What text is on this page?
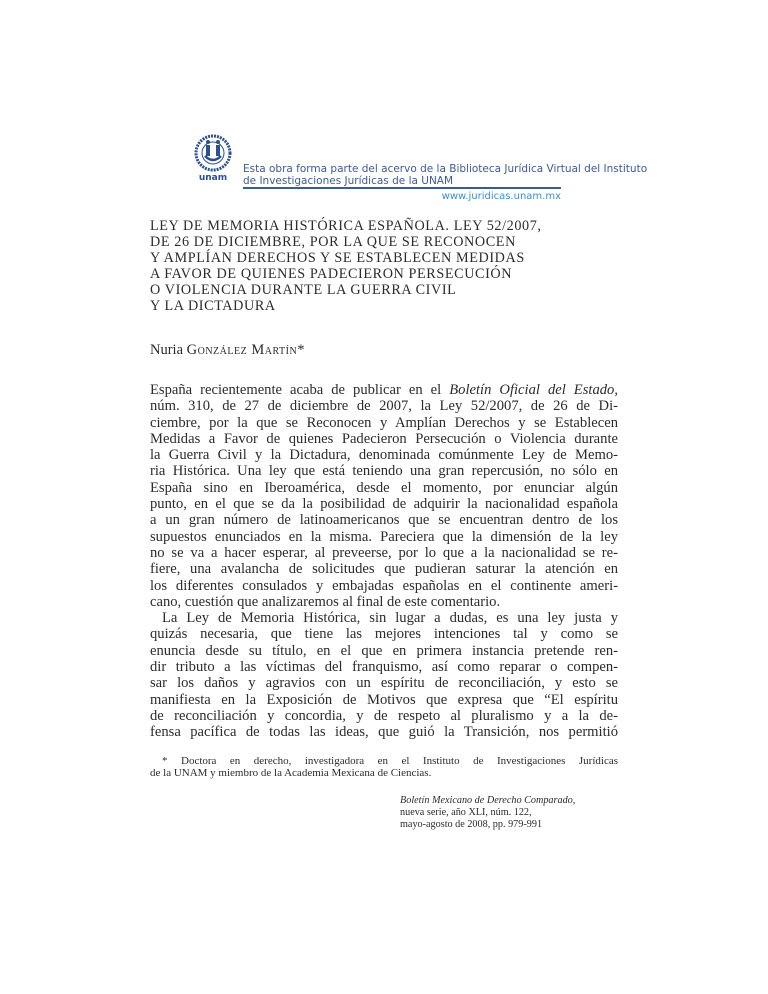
unam
Esta obra forma parte del acervo de la Biblioteca Jurídica Virtual del Instituto
de Investigaciones Jurídicas de la UNAM
www.juridicas.unam.mx
LEY DE MEMORIA HISTÓRICA ESPAÑOLA. LEY 52/2007,
DE 26 DE DICIEMBRE, POR LA QUE SE RECONOCEN
Y AMPLÍAN DERECHOS Y SE ESTABLECEN MEDIDAS
A FAVOR DE QUIENES PADECIERON PERSECUCIÓN
O VIOLENCIA DURANTE LA GUERRA CIVIL
Y LA DICTADURA
Nuria González Martín*
España recientemente acaba de publicar en el Boletín Oficial del Estado,
núm. 310, de 27 de diciembre de 2007, la Ley 52/2007, de 26 de Di-
ciembre, por la que se Reconocen y Amplían Derechos y se Establecen
Medidas a Favor de quienes Padecieron Persecución o Violencia durante
la Guerra Civil y la Dictadura, denominada comúnmente Ley de Memo-
ria Histórica. Una ley que está teniendo una gran repercusión, no sólo en
España sino en Iberoamérica, desde el momento, por enunciar algún
punto, en el que se da la posibilidad de adquirir la nacionalidad española
a un gran número de latinoamericanos que se encuentran dentro de los
supuestos enunciados en la misma. Pareciera que la dimensión de la ley
no se va a hacer esperar, al preveerse, por lo que a la nacionalidad se re-
fiere, una avalancha de solicitudes que pudieran saturar la atención en
los diferentes consulados y embajadas españolas en el continente ameri-
cano, cuestión que analizaremos al final de este comentario.
La Ley de Memoria Histórica, sin lugar a dudas, es una ley justa y
quizás necesaria, que tiene las mejores intenciones tal y como se
enuncia desde su título, en el que en primera instancia pretende ren-
dir tributo a las víctimas del franquismo, así como reparar o compen-
sar los daños y agravios con un espíritu de reconciliación, y esto se
manifiesta en la Exposición de Motivos que expresa que “El espíritu
de reconciliación y concordia, y de respeto al pluralismo y a la de-
fensa pacífica de todas las ideas, que guió la Transición, nos permitió
* Doctora en derecho, investigadora en el Instituto de Investigaciones Jurídicas
de la UNAM y miembro de la Academia Mexicana de Ciencias.
Boletín Mexicano de Derecho Comparado,
nueva serie, año XLI, núm. 122,
mayo-agosto de 2008, pp. 979-991
